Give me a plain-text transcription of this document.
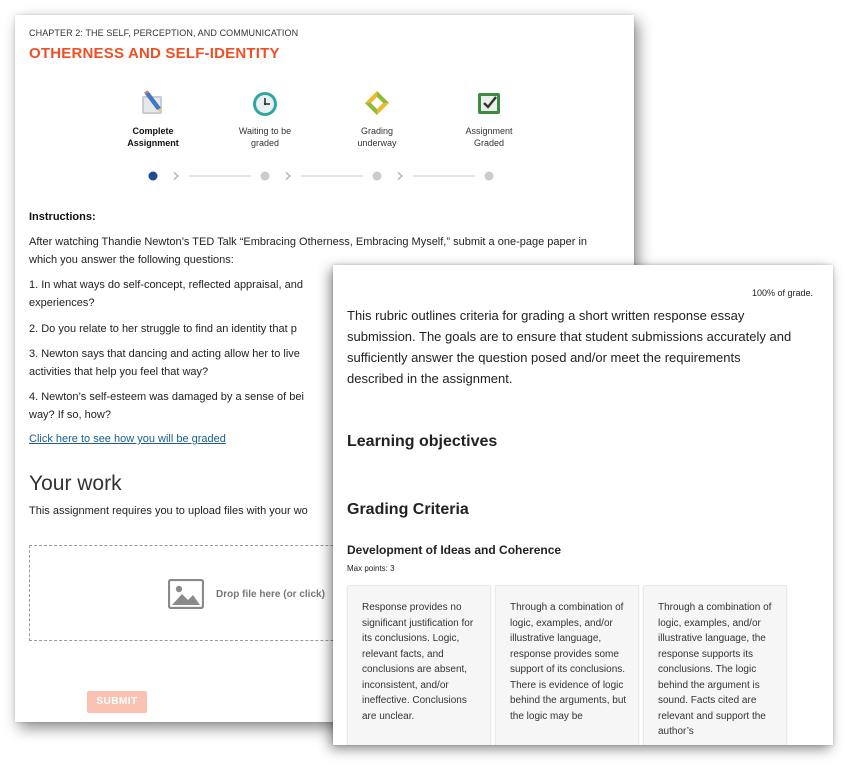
CHAPTER 2: THE SELF, PERCEPTION, AND COMMUNICATION
OTHERNESS AND SELF-IDENTITY
Complete
Assignment
Waiting to be
graded
Grading
underway
Assignment
Graded
Instructions:
After watching Thandie Newton’s TED Talk “Embracing Otherness, Embracing Myself,” submit a one-page paper in
which you answer the following questions:
1. In what ways do self-concept, reflected appraisal, and
experiences?
2. Do you relate to her struggle to find an identity that p
3. Newton says that dancing and acting allow her to live
activities that help you feel that way?
4. Newton’s self-esteem was damaged by a sense of bei
way? If so, how?
Click here to see how you will be graded
Your work
This assignment requires you to upload files with your wo
Drop file here (or click)
SUBMIT
100% of grade.
This rubric outlines criteria for grading a short written response essay
submission. The goals are to ensure that student submissions accurately and
sufficiently answer the question posed and/or meet the requirements
described in the assignment.
Learning objectives
Grading Criteria
Development of Ideas and Coherence
Max points: 3
Response provides no significant justification for its conclusions. Logic, relevant facts, and conclusions are absent, inconsistent, and/or ineffective. Conclusions are unclear.
Through a combination of logic, examples, and/or illustrative language, response provides some support of its conclusions. There is evidence of logic behind the arguments, but the logic may be
Through a combination of logic, examples, and/or illustrative language, the response supports its conclusions. The logic behind the argument is sound. Facts cited are relevant and support the author’s
